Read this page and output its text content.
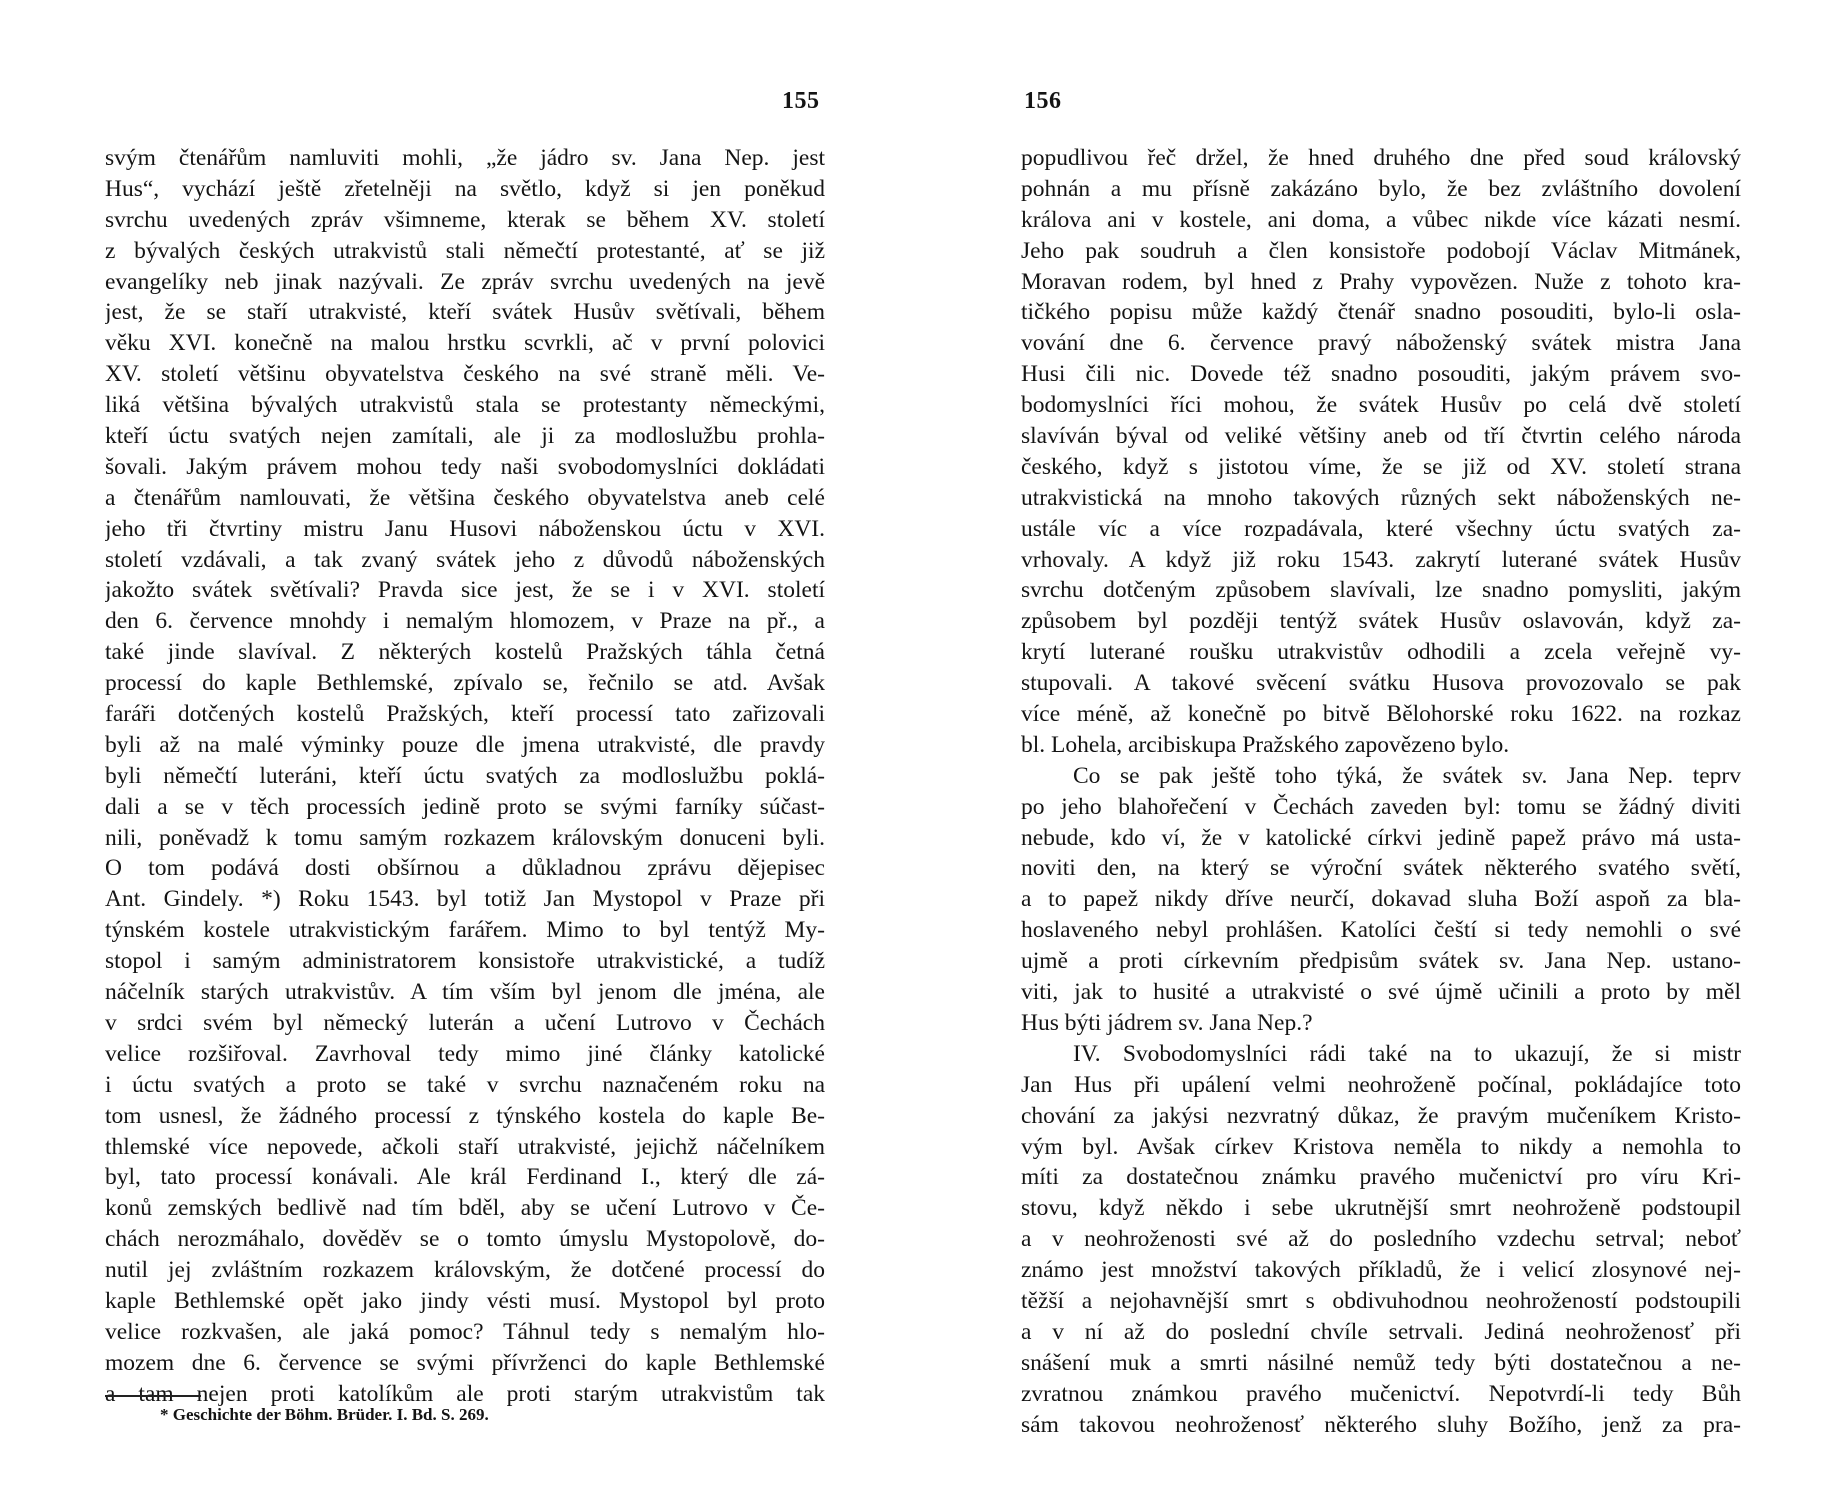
155
svým čtenářům namluviti mohli, „že jádro sv. Jana Nep. jest
Hus“, vychází ještě zřetelněji na světlo, když si jen poněkud
svrchu uvedených zpráv všimneme, kterak se během XV. století
z bývalých českých utrakvistů stali němečtí protestanté, ať se již
evangelíky neb jinak nazývali. Ze zpráv svrchu uvedených na jevě
jest, že se staří utrakvisté, kteří svátek Husův světívali, během
věku XVI. konečně na malou hrstku scvrkli, ač v první polovici
XV. století většinu obyvatelstva českého na své straně měli. Ve-
liká většina bývalých utrakvistů stala se protestanty německými,
kteří úctu svatých nejen zamítali, ale ji za modloslužbu prohla-
šovali. Jakým právem mohou tedy naši svobodomyslníci dokládati
a čtenářům namlouvati, že většina českého obyvatelstva aneb celé
jeho tři čtvrtiny mistru Janu Husovi náboženskou úctu v XVI.
století vzdávali, a tak zvaný svátek jeho z důvodů náboženských
jakožto svátek světívali? Pravda sice jest, že se i v XVI. století
den 6. července mnohdy i nemalým hlomozem, v Praze na př., a
také jinde slavíval. Z některých kostelů Pražských táhla četná
processí do kaple Bethlemské, zpívalo se, řečnilo se atd. Avšak
faráři dotčených kostelů Pražských, kteří processí tato zařizovali
byli až na malé výminky pouze dle jmena utrakvisté, dle pravdy
byli němečtí luteráni, kteří úctu svatých za modloslužbu poklá-
dali a se v těch processích jedině proto se svými farníky súčast-
nili, poněvadž k tomu samým rozkazem královským donuceni byli.
O tom podává dosti obšírnou a důkladnou zprávu dějepisec
Ant. Gindely. *) Roku 1543. byl totiž Jan Mystopol v Praze při
týnském kostele utrakvistickým farářem. Mimo to byl tentýž My-
stopol i samým administratorem konsistoře utrakvistické, a tudíž
náčelník starých utrakvistův. A tím vším byl jenom dle jména, ale
v srdci svém byl německý luterán a učení Lutrovo v Čechách
velice rozšiřoval. Zavrhoval tedy mimo jiné články katolické
i úctu svatých a proto se také v svrchu naznačeném roku na
tom usnesl, že žádného processí z týnského kostela do kaple Be-
thlemské více nepovede, ačkoli staří utrakvisté, jejichž náčelníkem
byl, tato processí konávali. Ale král Ferdinand I., který dle zá-
konů zemských bedlivě nad tím bděl, aby se učení Lutrovo v Če-
chách nerozmáhalo, dověděv se o tomto úmyslu Mystopolově, do-
nutil jej zvláštním rozkazem královským, že dotčené processí do
kaple Bethlemské opět jako jindy vésti musí. Mystopol byl proto
velice rozkvašen, ale jaká pomoc? Táhnul tedy s nemalým hlo-
mozem dne 6. července se svými přívrženci do kaple Bethlemské
a tam nejen proti katolíkům ale proti starým utrakvistům tak
* Geschichte der Böhm. Brüder. I. Bd. S. 269.
156
popudlivou řeč držel, že hned druhého dne před soud královský
pohnán a mu přísně zakázáno bylo, že bez zvláštního dovolení
králova ani v kostele, ani doma, a vůbec nikde více kázati nesmí.
Jeho pak soudruh a člen konsistoře podobojí Václav Mitmánek,
Moravan rodem, byl hned z Prahy vypovězen. Nuže z tohoto kra-
tičkého popisu může každý čtenář snadno posouditi, bylo-li osla-
vování dne 6. července pravý náboženský svátek mistra Jana
Husi čili nic. Dovede též snadno posouditi, jakým právem svo-
bodomyslníci říci mohou, že svátek Husův po celá dvě století
slavíván býval od veliké většiny aneb od tří čtvrtin celého národa
českého, když s jistotou víme, že se již od XV. století strana
utrakvistická na mnoho takových různých sekt náboženských ne-
ustále víc a více rozpadávala, které všechny úctu svatých za-
vrhovaly. A když již roku 1543. zakrytí luterané svátek Husův
svrchu dotčeným způsobem slavívali, lze snadno pomysliti, jakým
způsobem byl později tentýž svátek Husův oslavován, když za-
krytí luterané roušku utrakvistův odhodili a zcela veřejně vy-
stupovali. A takové svěcení svátku Husova provozovalo se pak
více méně, až konečně po bitvě Bělohorské roku 1622. na rozkaz
bl. Lohela, arcibiskupa Pražského zapovězeno bylo.
Co se pak ještě toho týká, že svátek sv. Jana Nep. teprv
po jeho blahořečení v Čechách zaveden byl: tomu se žádný diviti
nebude, kdo ví, že v katolické církvi jedině papež právo má usta-
noviti den, na který se výroční svátek některého svatého světí,
a to papež nikdy dříve neurčí, dokavad sluha Boží aspoň za bla-
hoslaveného nebyl prohlášen. Katolíci čeští si tedy nemohli o své
ujmě a proti církevním předpisům svátek sv. Jana Nep. ustano-
viti, jak to husité a utrakvisté o své újmě učinili a proto by měl
Hus býti jádrem sv. Jana Nep.?
IV. Svobodomyslníci rádi také na to ukazují, že si mistr
Jan Hus při upálení velmi neohroženě počínal, pokládajíce toto
chování za jakýsi nezvratný důkaz, že pravým mučeníkem Kristo-
vým byl. Avšak církev Kristova neměla to nikdy a nemohla to
míti za dostatečnou známku pravého mučenictví pro víru Kri-
stovu, když někdo i sebe ukrutnější smrt neohroženě podstoupil
a v neohroženosti své až do posledního vzdechu setrval; neboť
známo jest množství takových příkladů, že i velicí zlosynové nej-
těžší a nejohavnější smrt s obdivuhodnou neohrožeností podstoupili
a v ní až do poslední chvíle setrvali. Jediná neohroženosť při
snášení muk a smrti násilné nemůž tedy býti dostatečnou a ne-
zvratnou známkou pravého mučenictví. Nepotvrdí-li tedy Bůh
sám takovou neohroženosť některého sluhy Božího, jenž za pra-
